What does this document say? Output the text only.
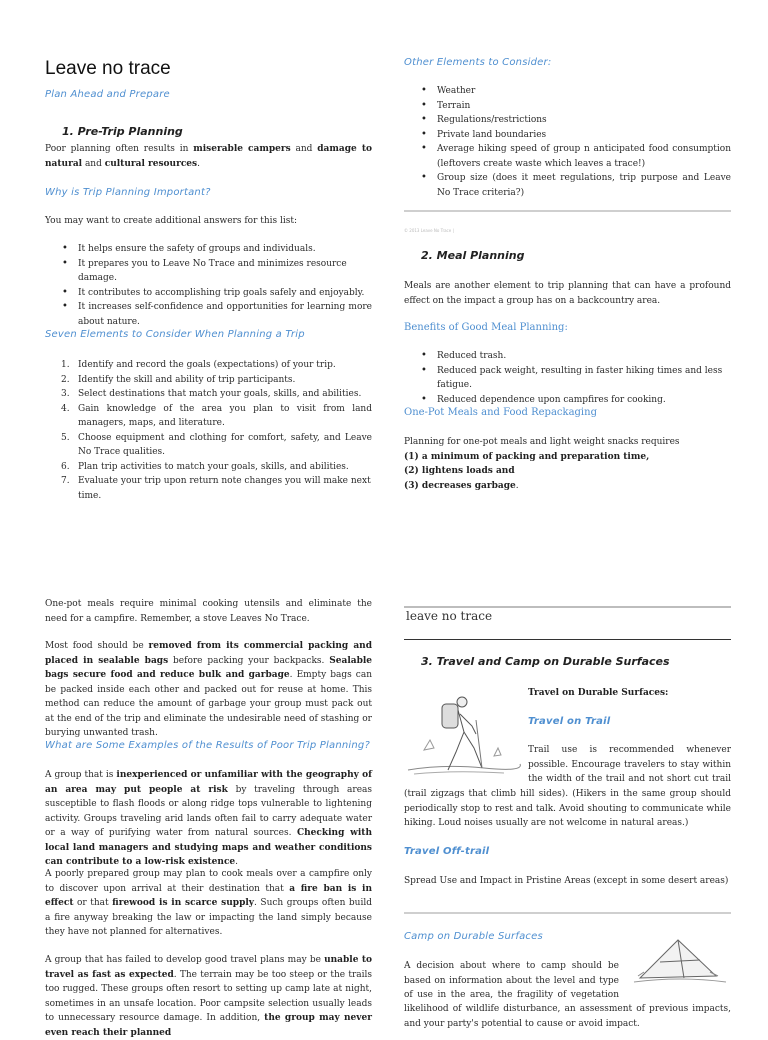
Leave no trace
Plan Ahead and Prepare
1. Pre-Trip Planning
Poor planning often results in miserable campers and damage to natural and cultural resources.
Why is Trip Planning Important?
You may want to create additional answers for this list:
• It helps ensure the safety of groups and individuals.
• It prepares you to Leave No Trace and minimizes resource damage.
• It contributes to accomplishing trip goals safely and enjoyably.
• It increases self-confidence and opportunities for learning more about nature.
Seven Elements to Consider When Planning a Trip
1. Identify and record the goals (expectations) of your trip.
2. Identify the skill and ability of trip participants.
3. Select destinations that match your goals, skills, and abilities.
4. Gain knowledge of the area you plan to visit from land managers, maps, and literature.
5. Choose equipment and clothing for comfort, safety, and Leave No Trace qualities.
6. Plan trip activities to match your goals, skills, and abilities.
7. Evaluate your trip upon return note changes you will make next time.
Other Elements to Consider:
• Weather
• Terrain
• Regulations/restrictions
• Private land boundaries
• Average hiking speed of group n anticipated food consumption (leftovers create waste which leaves a trace!)
• Group size (does it meet regulations, trip purpose and Leave No Trace criteria?)
© 2013 Leave No Trace |
2. Meal Planning
Meals are another element to trip planning that can have a profound effect on the impact a group has on a backcountry area.
Benefits of Good Meal Planning:
• Reduced trash.
• Reduced pack weight, resulting in faster hiking times and less fatigue.
• Reduced dependence upon campfires for cooking.
One-Pot Meals and Food Repackaging
Planning for one-pot meals and light weight snacks requires
(1) a minimum of packing and preparation time,
(2) lightens loads and
(3) decreases garbage.
One-pot meals require minimal cooking utensils and eliminate the need for a campfire. Remember, a stove Leaves No Trace.
Most food should be removed from its commercial packing and placed in sealable bags before packing your backpacks. Sealable bags secure food and reduce bulk and garbage. Empty bags can be packed inside each other and packed out for reuse at home. This method can reduce the amount of garbage your group must pack out at the end of the trip and eliminate the undesirable need of stashing or burying unwanted trash.
What are Some Examples of the Results of Poor Trip Planning?
A group that is inexperienced or unfamiliar with the geography of an area may put people at risk by traveling through areas susceptible to flash floods or along ridge tops vulnerable to lightening activity. Groups traveling arid lands often fail to carry adequate water or a way of purifying water from natural sources. Checking with local land managers and studying maps and weather conditions can contribute to a low-risk existence.
A poorly prepared group may plan to cook meals over a campfire only to discover upon arrival at their destination that a fire ban is in effect or that firewood is in scarce supply. Such groups often build a fire anyway breaking the law or impacting the land simply because they have not planned for alternatives.
A group that has failed to develop good travel plans may be unable to travel as fast as expected. The terrain may be too steep or the trails too rugged. These groups often resort to setting up camp late at night, sometimes in an unsafe location. Poor campsite selection usually leads to unnecessary resource damage. In addition, the group may never even reach their planned
leave no trace
3. Travel and Camp on Durable Surfaces
Travel on Durable Surfaces:
Travel on Trail
Trail use is recommended whenever possible. Encourage travelers to stay within the width of the trail and not short cut trail
(trail zigzags that climb hill sides). (Hikers in the same group should periodically stop to rest and talk. Avoid shouting to communicate while hiking. Loud noises usually are not welcome in natural areas.)
Travel Off-trail
Spread Use and Impact in Pristine Areas (except in some desert areas)
Camp on Durable Surfaces
A decision about where to camp should be based on information about the level and type of use in the area, the fragility of vegetation
likelihood of wildlife disturbance, an assessment of previous impacts, and your party's potential to cause or avoid impact.
